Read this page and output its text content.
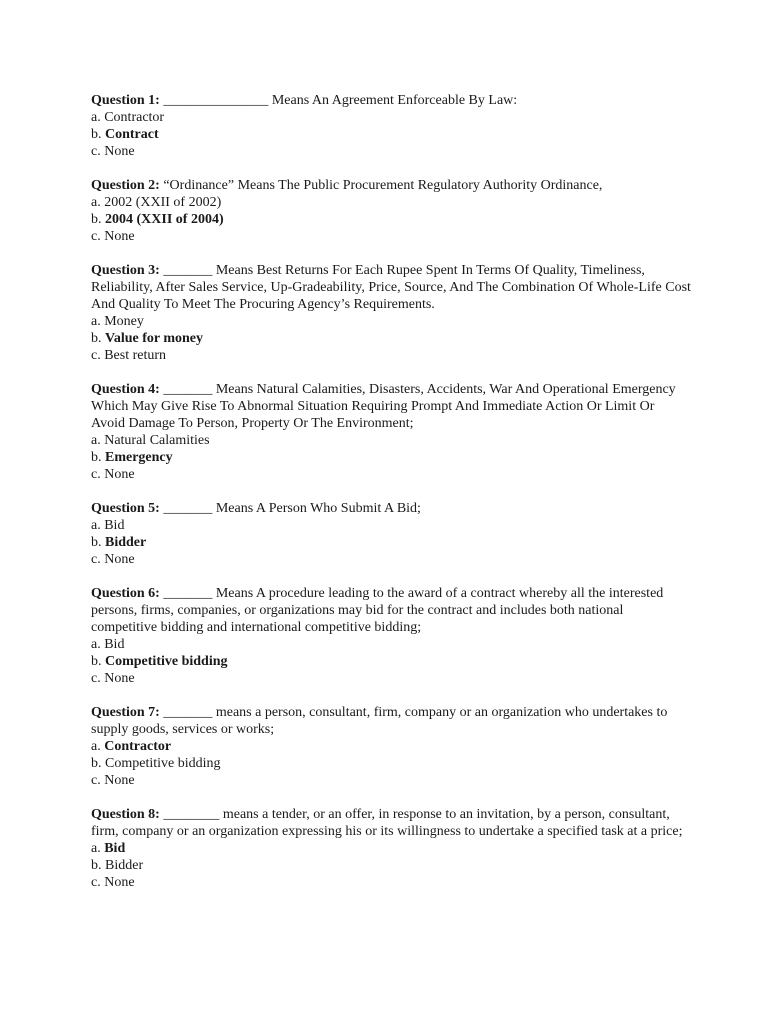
Question 1: _______________ Means An Agreement Enforceable By Law:

a. Contractor
b. Contract
c. None

Question 2: “Ordinance” Means The Public Procurement Regulatory Authority Ordinance,

a. 2002 (XXII of 2002)
b. 2004 (XXII of 2004)
c. None

Question 3: _______ Means Best Returns For Each Rupee Spent In Terms Of Quality, Timeliness, Reliability, After Sales Service, Up-Gradeability, Price, Source, And The Combination Of Whole-Life Cost And Quality To Meet The Procuring Agency’s Requirements.

a. Money
b. Value for money
c. Best return

Question 4: _______ Means Natural Calamities, Disasters, Accidents, War And Operational Emergency Which May Give Rise To Abnormal Situation Requiring Prompt And Immediate Action Or Limit Or Avoid Damage To Person, Property Or The Environment;

a. Natural Calamities
b. Emergency
c. None

Question 5: _______ Means A Person Who Submit A Bid;

a. Bid
b. Bidder
c. None

Question 6: _______ Means A procedure leading to the award of a contract whereby all the interested persons, firms, companies, or organizations may bid for the contract and includes both national competitive bidding and international competitive bidding;

a. Bid
b. Competitive bidding
c. None

Question 7: _______ means a person, consultant, firm, company or an organization who undertakes to supply goods, services or works;

a. Contractor
b. Competitive bidding
c. None

Question 8: ________ means a tender, or an offer, in response to an invitation, by a person, consultant, firm, company or an organization expressing his or its willingness to undertake a specified task at a price;

a. Bid
b. Bidder
c. None
